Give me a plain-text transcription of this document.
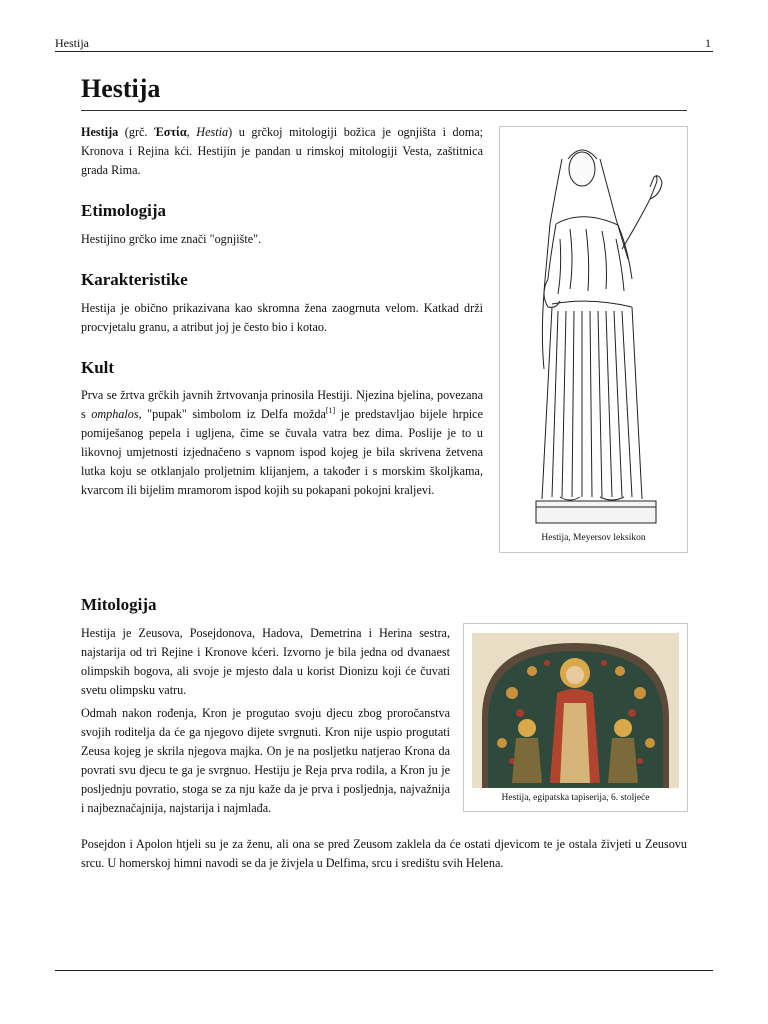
Hestija	1
Hestija

Hestija (grč. Ἑστία, Hestia) u grčkoj mitologiji božica je ognjišta i doma; Kronova i Rejina kći. Hestijin je pandan u rimskoj mitologiji Vesta, zaštitnica grada Rima.

Etimologija

Hestijino grčko ime znači "ognjište".

Karakteristike

Hestija je obično prikazivana kao skromna žena zaogrnuta velom. Katkad drži procvjetalu granu, a atribut joj je često bio i kotao.

Kult

Prva se žrtva grčkih javnih žrtvovanja prinosila Hestiji. Njezina bjelina, povezana s omphalos, "pupak" simbolom iz Delfa možda[1] je predstavljao bijele hrpice pomiješanog pepela i ugljena, čime se čuvala vatra bez dima. Poslije je to u likovnoj umjetnosti izjednačeno s vapnom ispod kojeg je bila skrivena žetvena lutka koju se otklanjalo proljetnim klijanjem, a također i s morskim školjkama, kvarcom ili bijelim mramorom ispod kojih su pokapani pokojni kraljevi.

Hestija, Meyersov leksikon
Mitologija

Hestija je Zeusova, Posejdonova, Hadova, Demetrina i Herina sestra, najstarija od tri Rejine i Kronove kćeri. Izvorno je bila jedna od dvanaest olimpskih bogova, ali svoje je mjesto dala u korist Dionizu koji će čuvati svetu olimpsku vatru.

Odmah nakon rođenja, Kron je progutao svoju djecu zbog proročanstva svojih roditelja da će ga njegovo dijete svrgnuti. Kron nije uspio progutati Zeusa kojeg je skrila njegova majka. On je na posljetku natjerao Krona da povrati svu djecu te ga je svrgnuo. Hestiju je Reja prva rodila, a Kron ju je posljednju povratio, stoga se za nju kaže da je prva i posljednja, najvažnija i najbeznačajnija, najstarija i najmlađa.

Posejdon i Apolon htjeli su je za ženu, ali ona se pred Zeusom zaklela da će ostati djevicom te je ostala živjeti u Zeusovu srcu. U homerskoj himni navodi se da je živjela u Delfima, srcu i središtu svih Helena.

Hestija, egipatska tapiserija, 6. stoljeće
